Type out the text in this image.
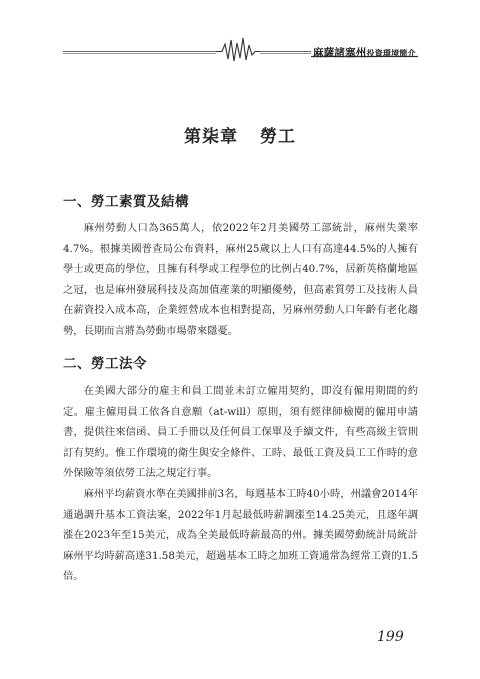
麻薩諸塞州投資環境簡介
第柒章 勞工
一、勞工素質及結構

麻州勞動人口為365萬人，依2022年2月美國勞工部統計，麻州失業率4.7%。根據美國普查局公布資料，麻州25歲以上人口有高達44.5%的人擁有學士或更高的學位，且擁有科學或工程學位的比例占40.7%，居新英格蘭地區之冠，也是麻州發展科技及高加值產業的明顯優勢，但高素質勞工及技術人員在薪資投入成本高，企業經營成本也相對提高，另麻州勞動人口年齡有老化趨勢，長期而言將為勞動市場帶來隱憂。

二、勞工法令

在美國大部分的雇主和員工間並未訂立僱用契約，即沒有僱用期間的約定。雇主僱用員工依各自意願（at-will）原則，須有經律師檢閱的僱用申請書，提供往來信函、員工手冊以及任何員工保單及手續文件，有些高級主管則訂有契約。惟工作環境的衛生與安全條件、工時、最低工資及員工工作時的意外保險等須依勞工法之規定行事。

麻州平均薪資水準在美國排前3名，每週基本工時40小時，州議會2014年通過調升基本工資法案，2022年1月起最低時薪調漲至14.25美元，且逐年調漲在2023年至15美元，成為全美最低時薪最高的州。據美國勞動統計局統計麻州平均時薪高達31.58美元，超過基本工時之加班工資通常為經常工資的1.5倍。

199
